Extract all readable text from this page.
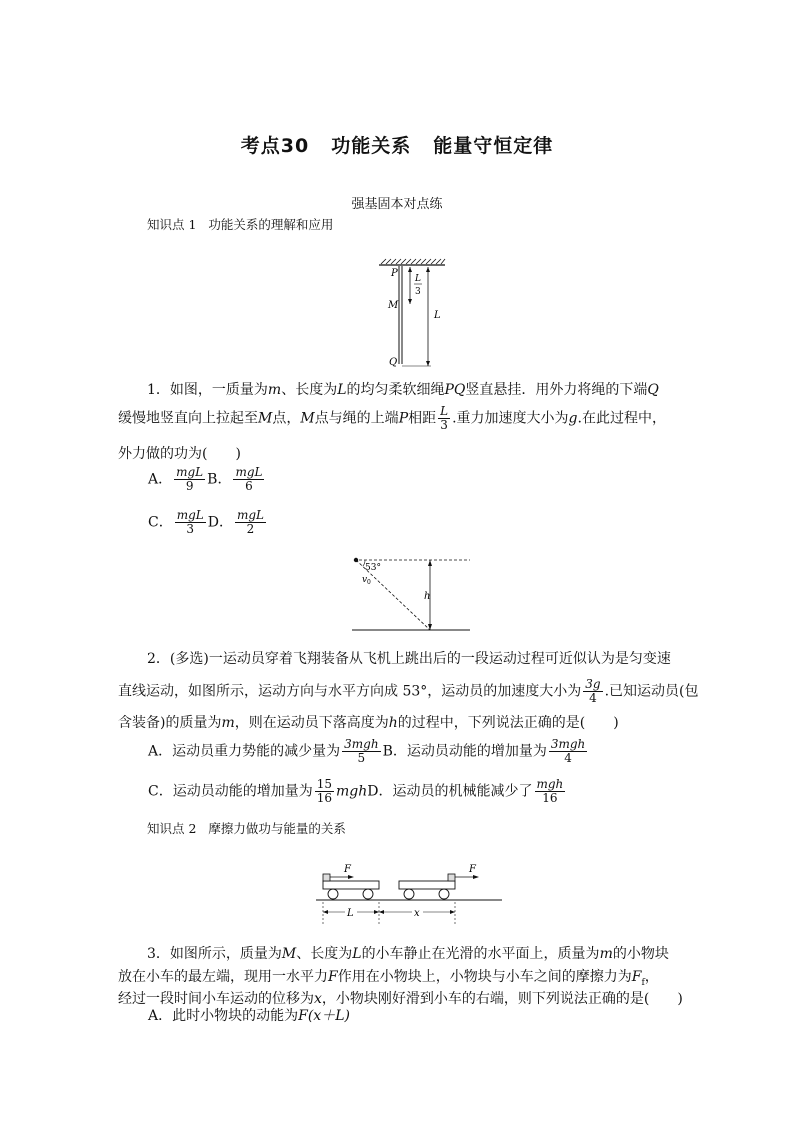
考点30 功能关系 能量守恒定律
强基固本对点练
知识点 1 功能关系的理解和应用
P
M
Q
L
L
3
1．如图，一质量为m、长度为L的均匀柔软细绳PQ竖直悬挂．用外力将绳的下端Q
缓慢地竖直向上拉起至M点，M点与绳的上端P相距 $\frac{L}{3}$ .重力加速度大小为g.在此过程中，
外力做的功为(　　)
A． $\frac{\text{mgL}}{9}$ B． $\frac{\text{mgL}}{6}$
C． $\frac{\text{mgL}}{3}$ D． $\frac{\text{mgL}}{2}$
53°
v 0
h
2．(多选)一运动员穿着飞翔装备从飞机上跳出后的一段运动过程可近似认为是匀变速
直线运动，如图所示，运动方向与水平方向成 53°，运动员的加速度大小为 $\frac{3g}{4}$ .已知运动员(包
含装备)的质量为m，则在运动员下落高度为h的过程中，下列说法正确的是(　　)
A．运动员重力势能的减少量为 $\frac{\text{3mgh}}{5}$ B．运动员动能的增加量为 $\frac{\text{3mgh}}{4}$
C．运动员动能的增加量为 $\frac{15}{16}$ mghD．运动员的机械能减少了 $\frac{\text{mgh}}{16}$
知识点 2 摩擦力做功与能量的关系
F	F
L	x
3．如图所示，质量为M、长度为L的小车静止在光滑的水平面上，质量为m的小物块
放在小车的最左端，现用一水平力F作用在小物块上，小物块与小车之间的摩擦力为$F_f$，
经过一段时间小车运动的位移为x，小物块刚好滑到小车的右端，则下列说法正确的是(　　)
A．此时小物块的动能为F(x＋L)
